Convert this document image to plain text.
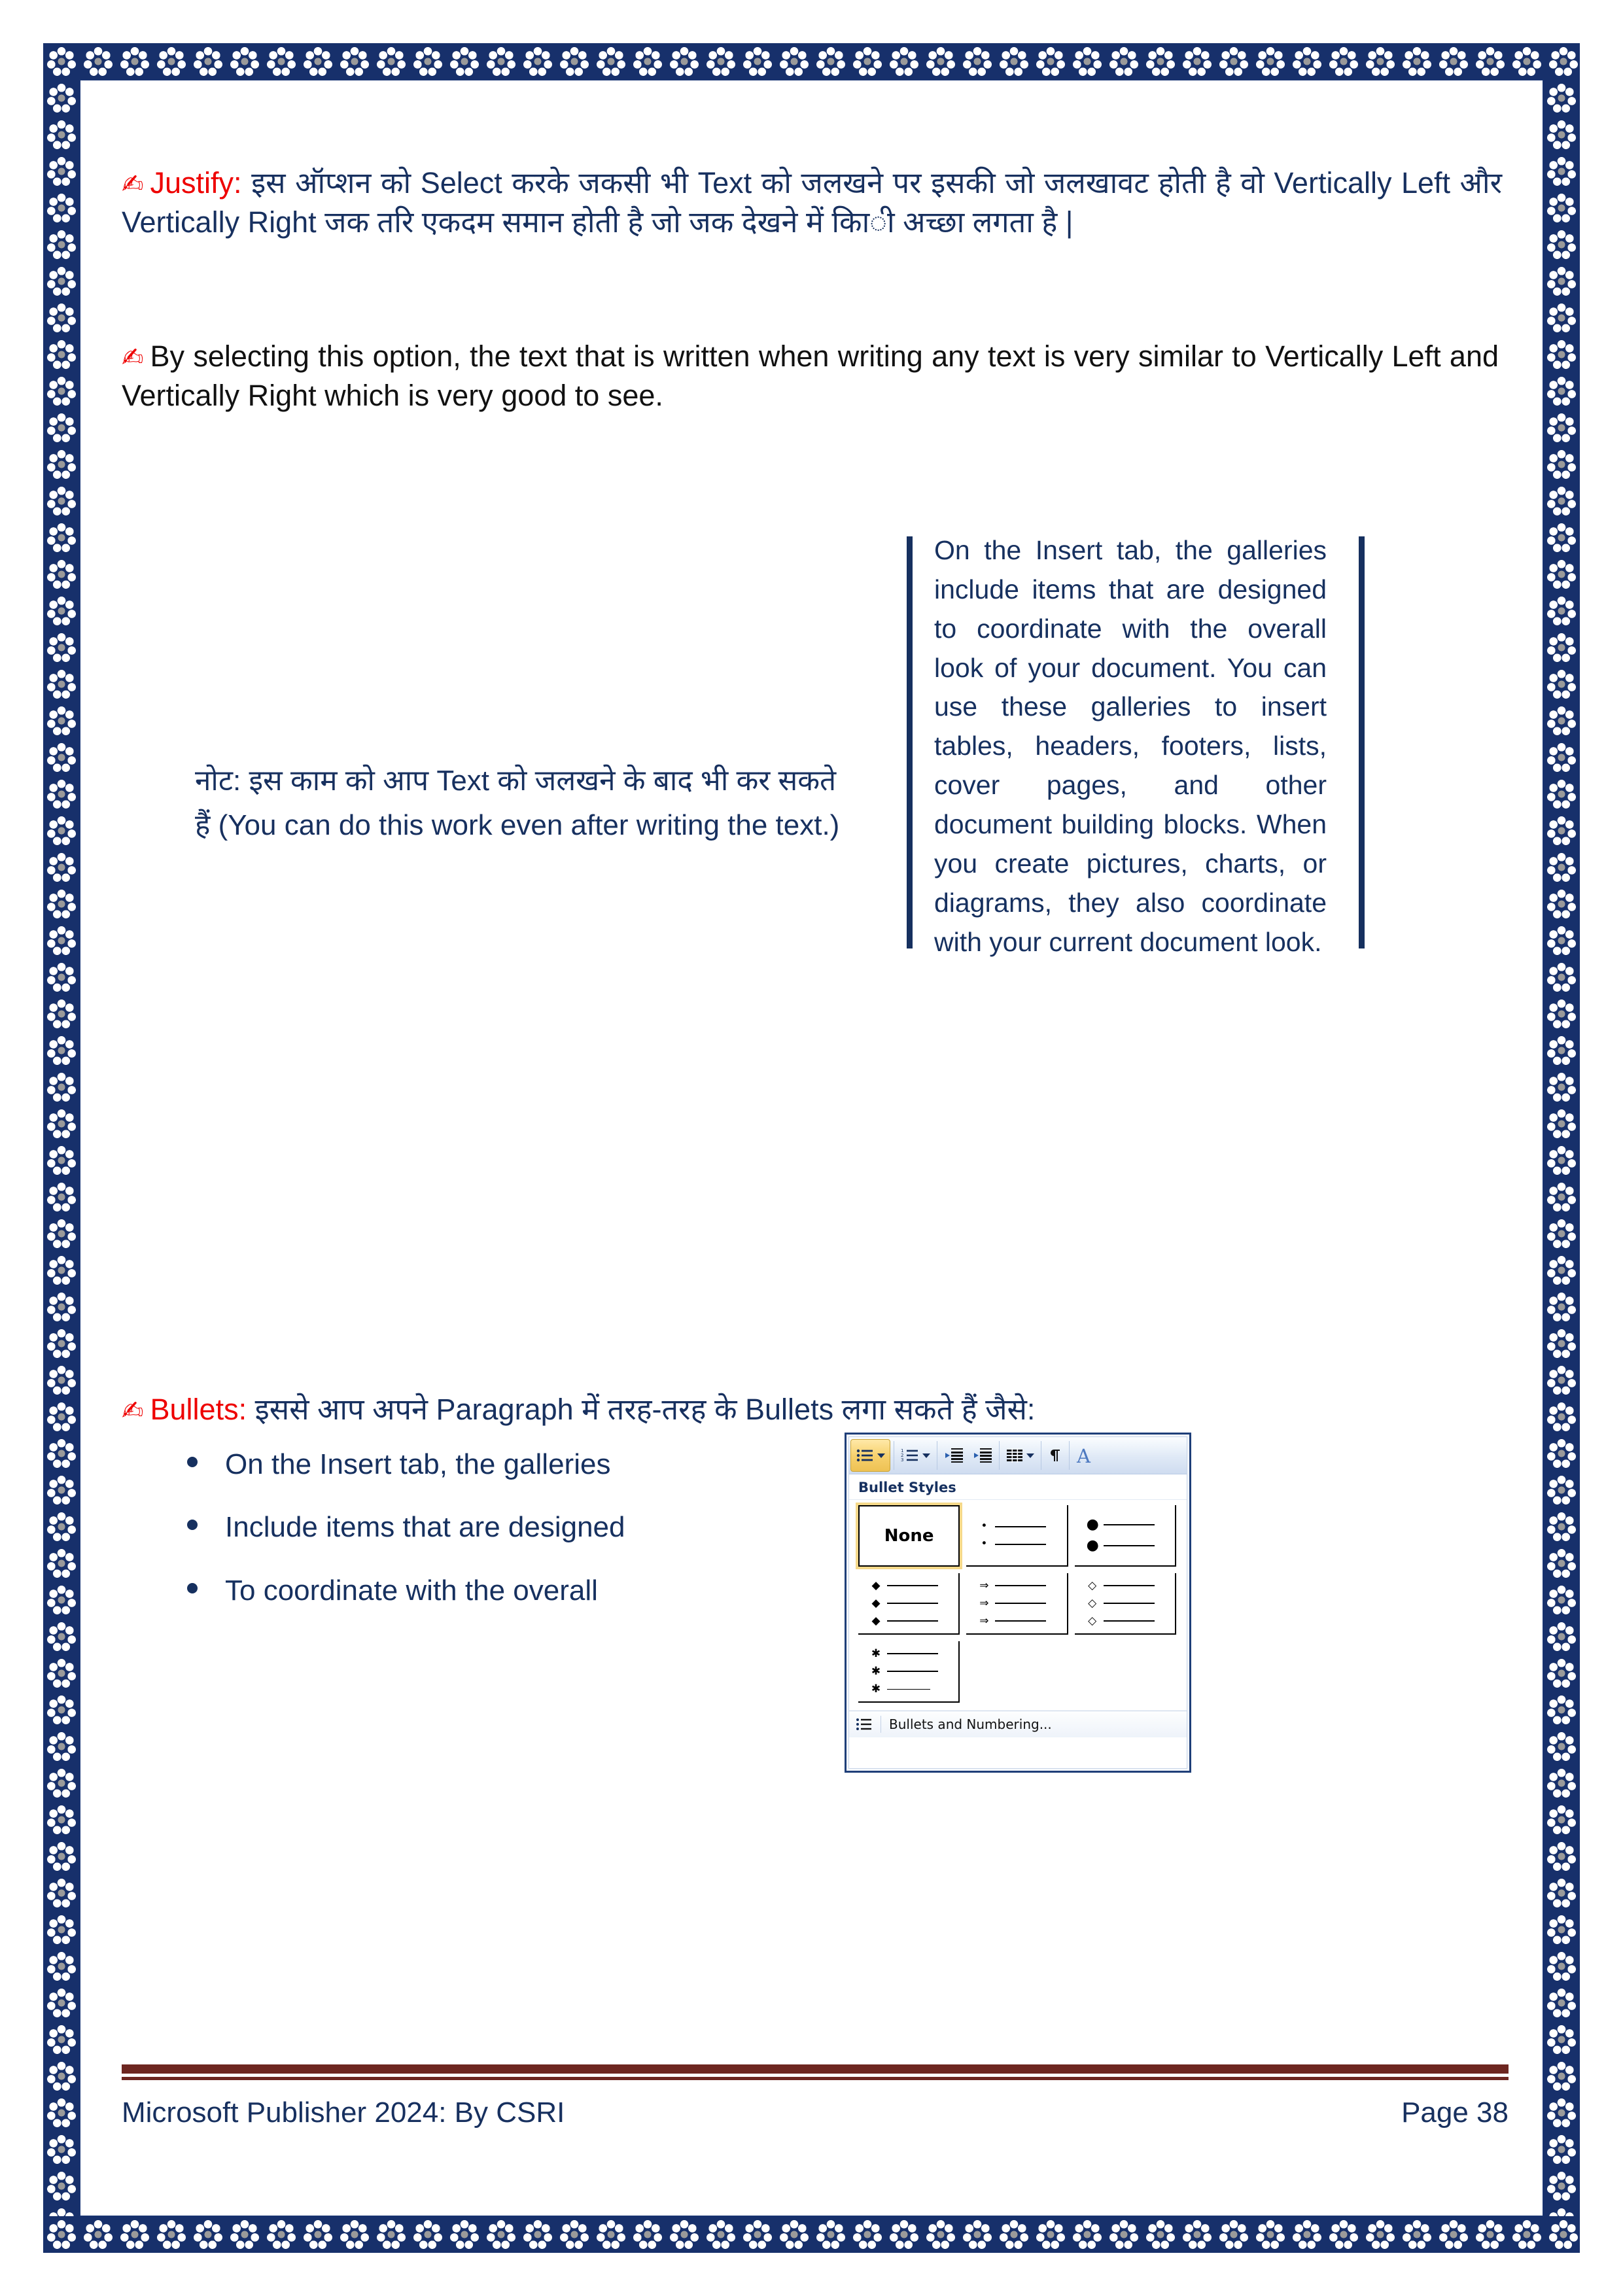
✍ Justify: इस ऑप्शन को Select करके जकसी भी Text को जलखने पर इसकी जो जलखावट होती है वो Vertically Left और Vertically Right जक तरि एकदम समान होती है जो जक देखने में काि◌ी अच्छा लगता है |

✍ By selecting this option, the text that is written when writing any text is very similar to Vertically Left and Vertically Right which is very good to see.

नोट: इस काम को आप Text को जलखने के बाद भी कर सकते हैं (You can do this work even after writing the text.)
On the Insert tab, the galleries include items that are designed to coordinate with the overall look of your document. You can use these galleries to insert tables, headers, footers, lists, cover pages, and other document building blocks. When you create pictures, charts, or diagrams, they also coordinate with your current document look.

✍ Bullets: इससे आप अपने Paragraph में तरह-तरह के Bullets लगा सकते हैं जैसे:

On the Insert tab, the galleries
Include items that are designed
To coordinate with the overall
1
2
3	A
Bullet Styles
None	•
•
●
●
◆
◆
◆
⇒
⇒
⇒
◇
◇
◇
✱
✱
✱
Bullets and Numbering...
Microsoft Publisher 2024: By CSRI	Page 38
